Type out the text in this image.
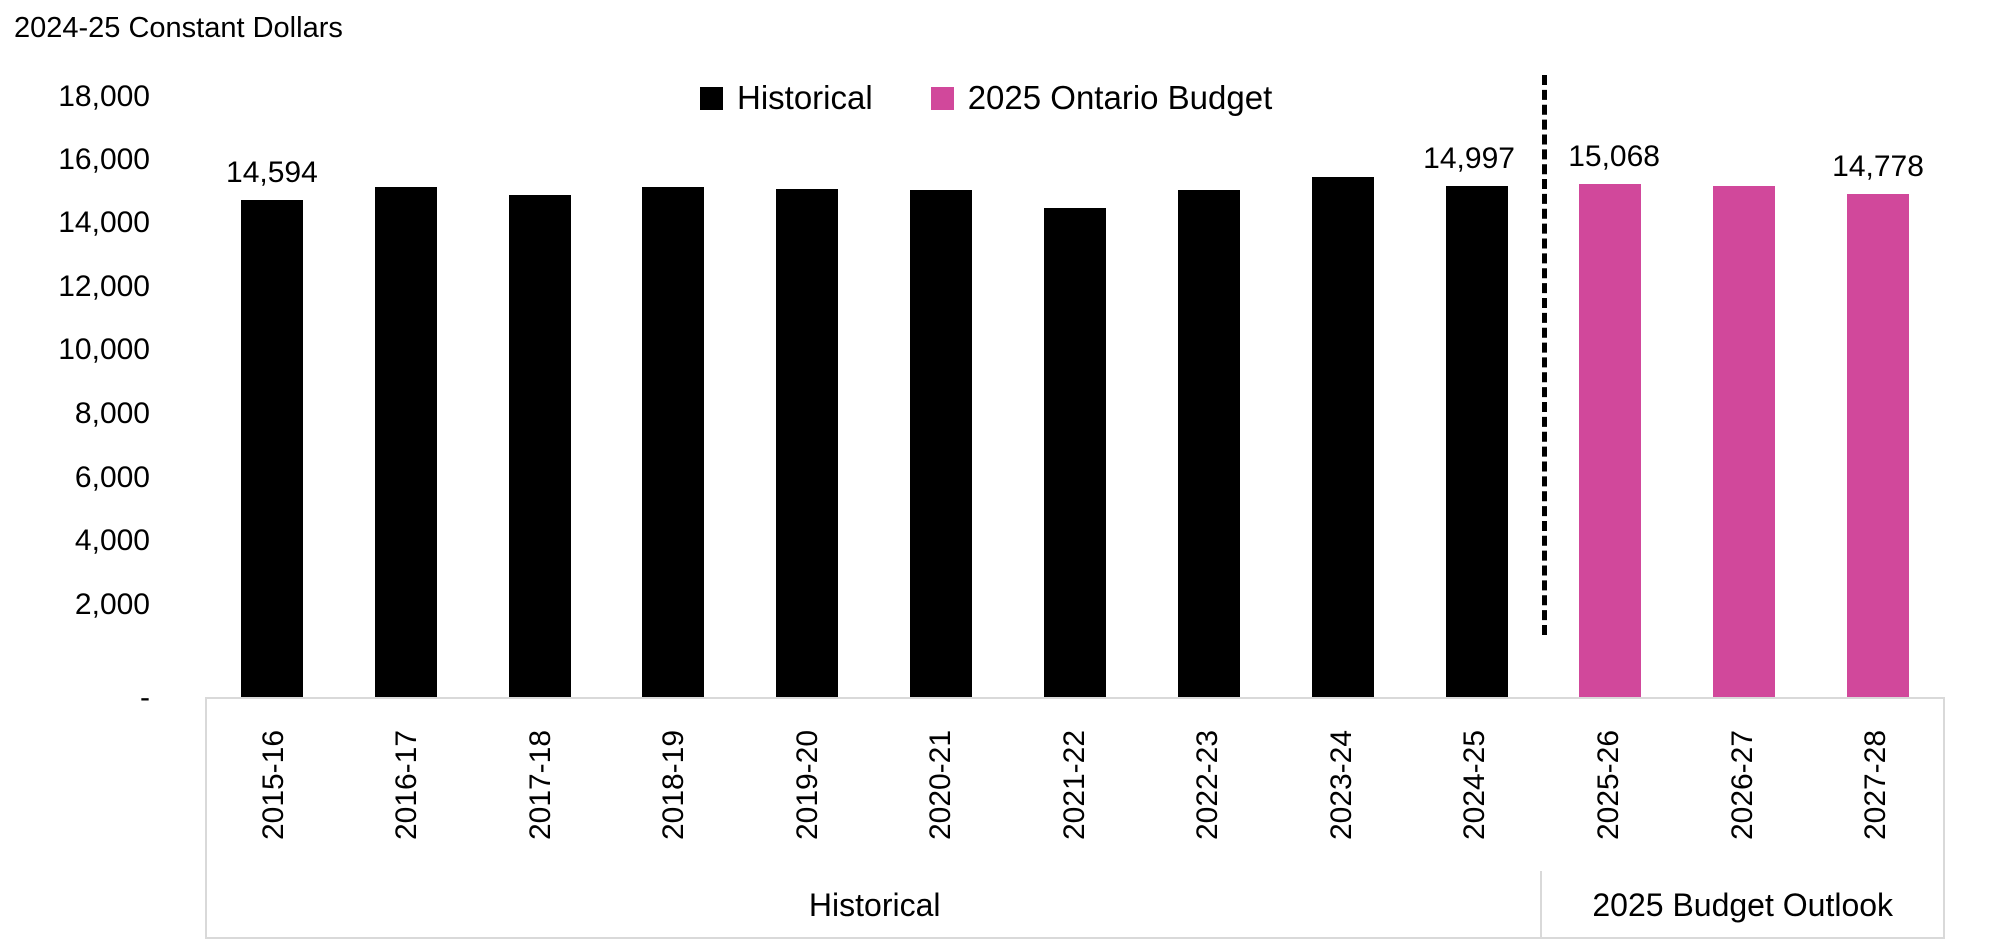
2024-25 Constant Dollars
Historical	2025 Ontario Budget
18,000
16,000
14,000
12,000
10,000
8,000
6,000
4,000
2,000
-
14,594	14,997 15,068	14,778
2015-16	2016-17	2017-18	2018-19	2019-20	2020-21	2021-22	2022-23	2023-24	2024-25	2025-26	2026-27	2027-28
Historical	2025 Budget Outlook
